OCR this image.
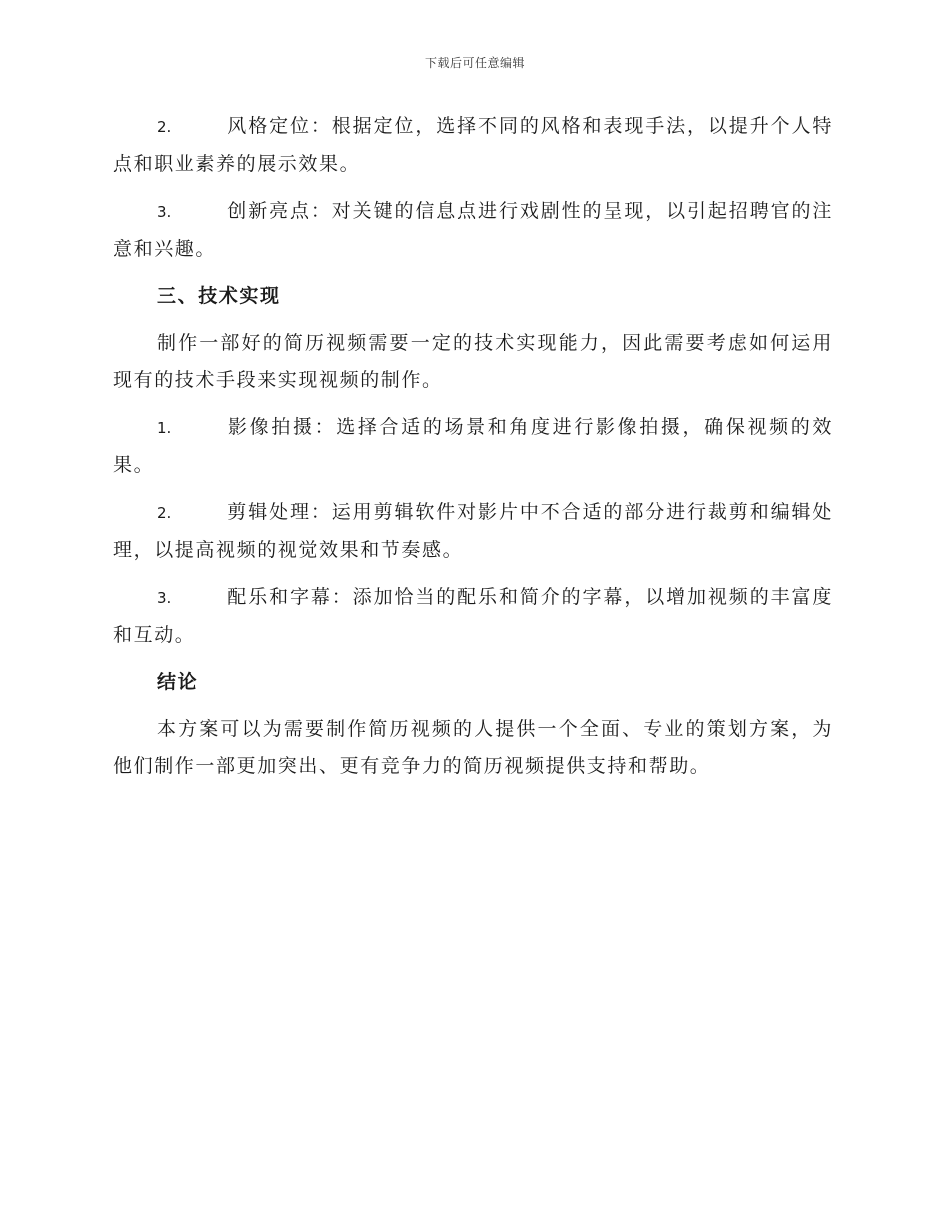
下载后可任意编辑
2.	风格定位：根据定位，选择不同的风格和表现手法，以提升个人特点和职业素养的展示效果。
3.	创新亮点：对关键的信息点进行戏剧性的呈现，以引起招聘官的注意和兴趣。
三、技术实现
制作一部好的简历视频需要一定的技术实现能力，因此需要考虑如何运用现有的技术手段来实现视频的制作。
1.	影像拍摄：选择合适的场景和角度进行影像拍摄，确保视频的效果。
2.	剪辑处理：运用剪辑软件对影片中不合适的部分进行裁剪和编辑处理，以提高视频的视觉效果和节奏感。
3.	配乐和字幕：添加恰当的配乐和简介的字幕，以增加视频的丰富度和互动。
结论
本方案可以为需要制作简历视频的人提供一个全面、专业的策划方案，为他们制作一部更加突出、更有竞争力的简历视频提供支持和帮助。
